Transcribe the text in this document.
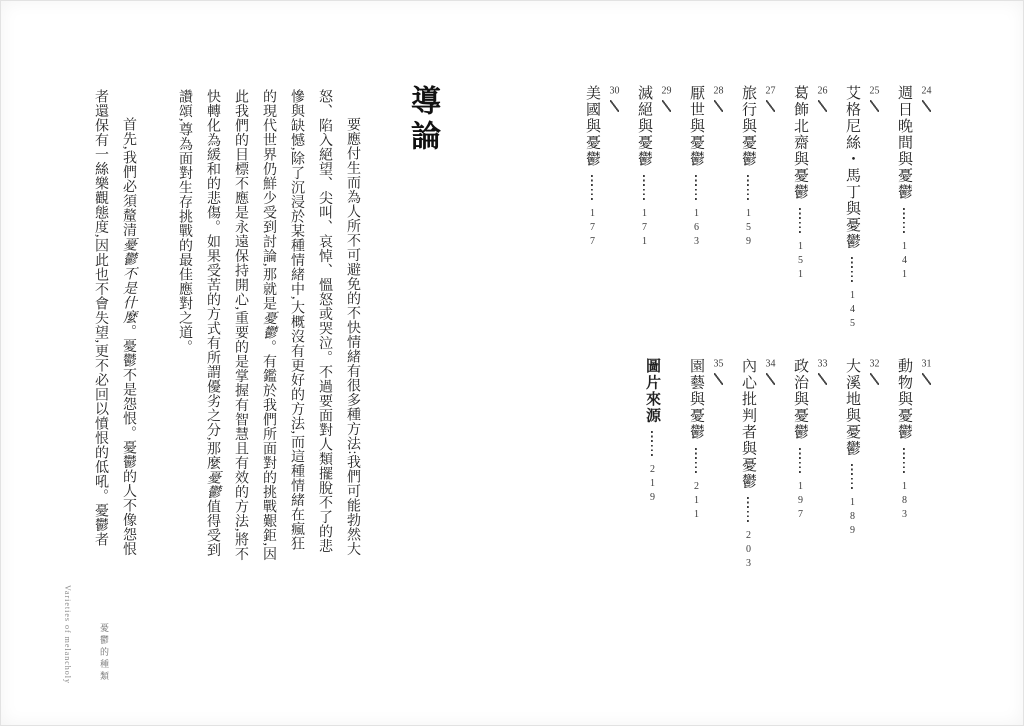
24
週日晚間與憂鬱141
25
艾格尼絲・馬丁與憂鬱145
26
葛飾北齋與憂鬱151
27
旅行與憂鬱159
28
厭世與憂鬱163
29
滅絕與憂鬱171
30
美國與憂鬱177
31
動物與憂鬱183
32
大溪地與憂鬱189
33
政治與憂鬱197
34
內心批判者與憂鬱203
35
園藝與憂鬱211
圖片來源219
導論

要應付生而為人所不可避免的不快情緒有很多種方法:我們可能勃然大怒、陷入絕望、尖叫、哀悼、慍怒或哭泣。不過要面對人類擺脫不了的悲慘與缺憾,除了沉浸於某種情緒中,大概沒有更好的方法,而這種情緒在瘋狂的現代世界仍鮮少受到討論,那就是憂鬱。有鑑於我們所面對的挑戰艱鉅,因此我們的目標不應是永遠保持開心,重要的是掌握有智慧且有效的方法,將不快轉化為緩和的悲傷。如果受苦的方式有所謂優劣之分,那麼憂鬱值得受到讚頌,尊為面對生存挑戰的最佳應對之道。

首先,我們必須釐清憂鬱不是什麼。憂鬱不是怨恨。憂鬱的人不像怨恨者還保有一絲樂觀態度,因此也不會失望,更不必回以憤恨的低吼。憂鬱者

憂鬱的種類
Varieties of melancholy
